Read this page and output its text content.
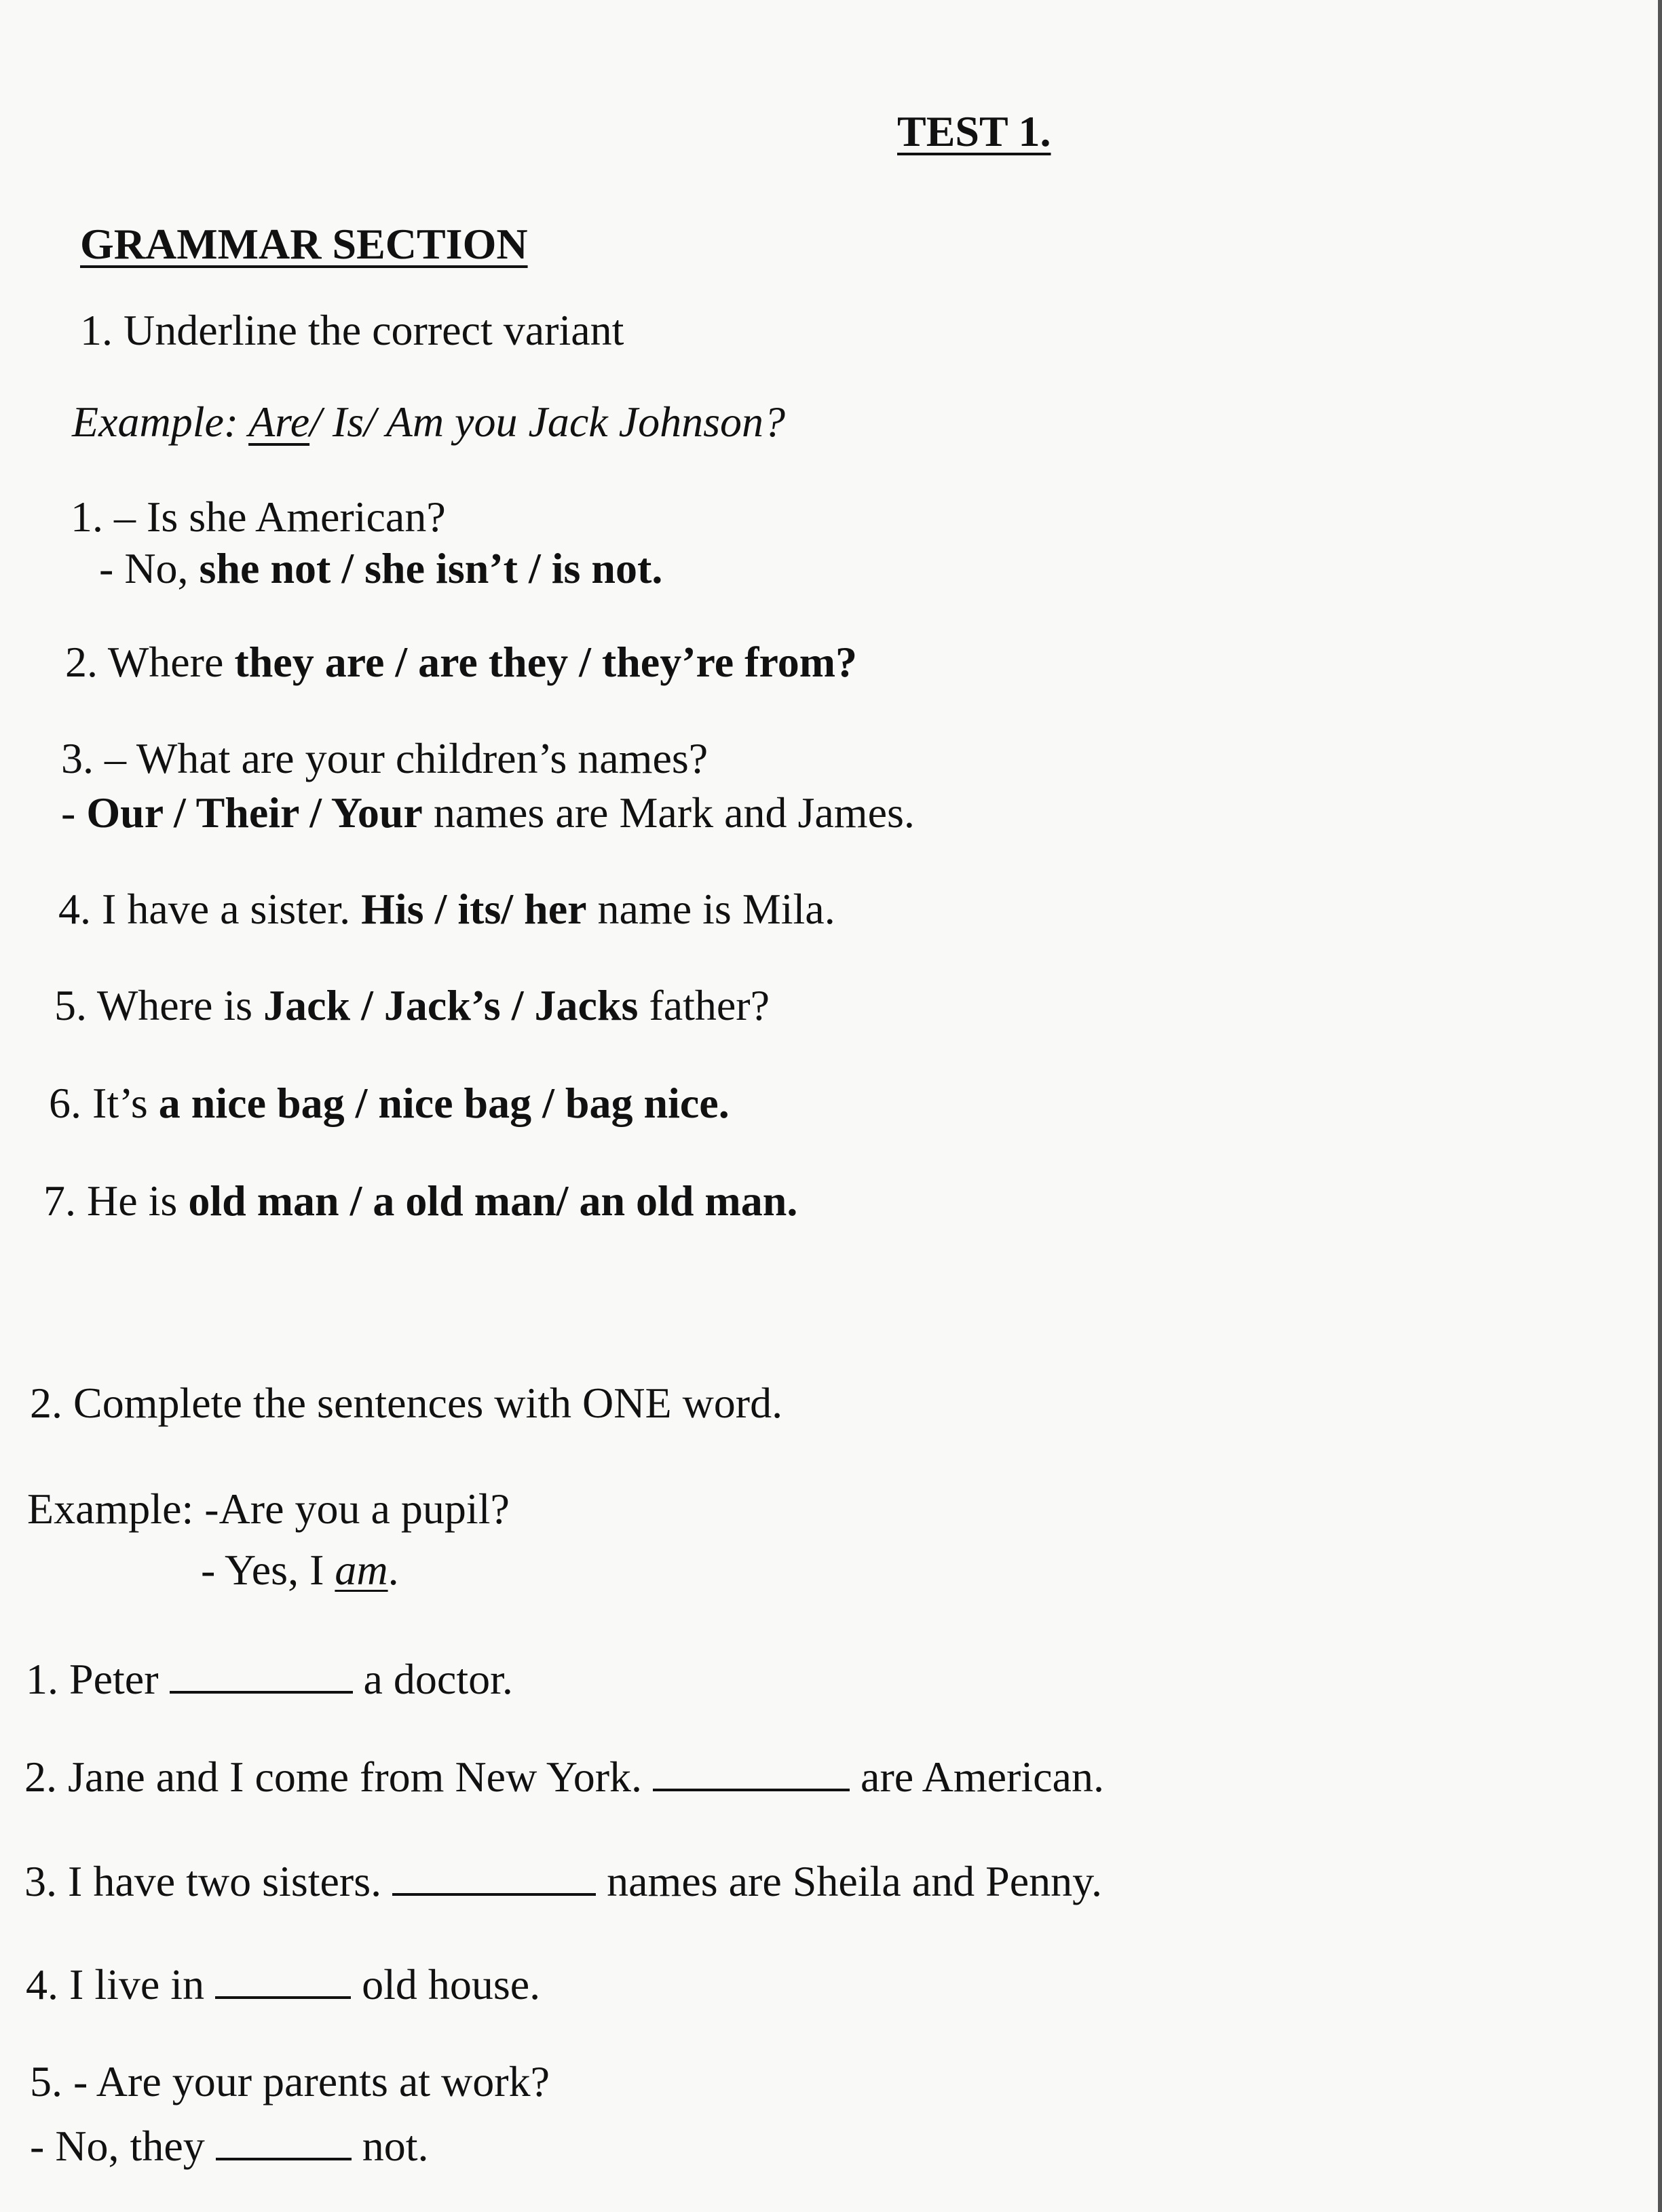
TEST 1.
GRAMMAR SECTION
1. Underline the correct variant
Example: Are/ Is/ Am you Jack Johnson?
1. – Is she American?
- No, she not / she isn’t / is not.
2. Where they are / are they / they’re from?
3. – What are your children’s names?
- Our / Their / Your names are Mark and James.
4. I have a sister. His / its/ her name is Mila.
5. Where is Jack / Jack’s / Jacks father?
6. It’s a nice bag / nice bag / bag nice.
7. He is old man / a old man/ an old man.
2. Complete the sentences with ONE word.
Example: -Are you a pupil?
- Yes, I am.
1. Peter	a doctor.
2. Jane and I come from New York.	are American.
3. I have two sisters.	names are Sheila and Penny.
4. I live in	old house.
5. - Are your parents at work?
- No, they	not.
